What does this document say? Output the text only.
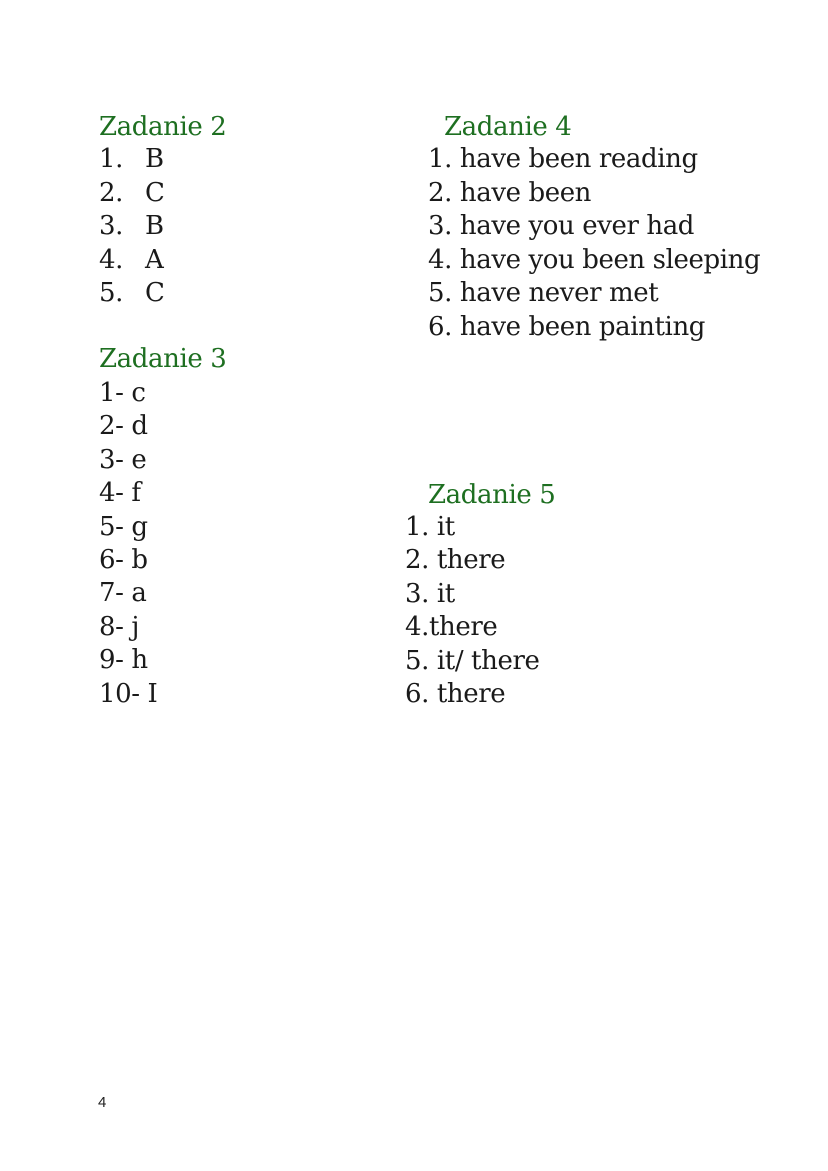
Zadanie 2
1. B
2. C
3. B
4. A
5. C
Zadanie 3
1- c
2- d
3- e
4- f
5- g
6- b
7- a
8- j
9- h
10- I
Zadanie 4
1. have been reading
2. have been
3. have you ever had
4. have you been sleeping
5. have never met
6. have been painting
Zadanie 5
1. it
2. there
3. it
4.there
5. it/ there
6. there
4
